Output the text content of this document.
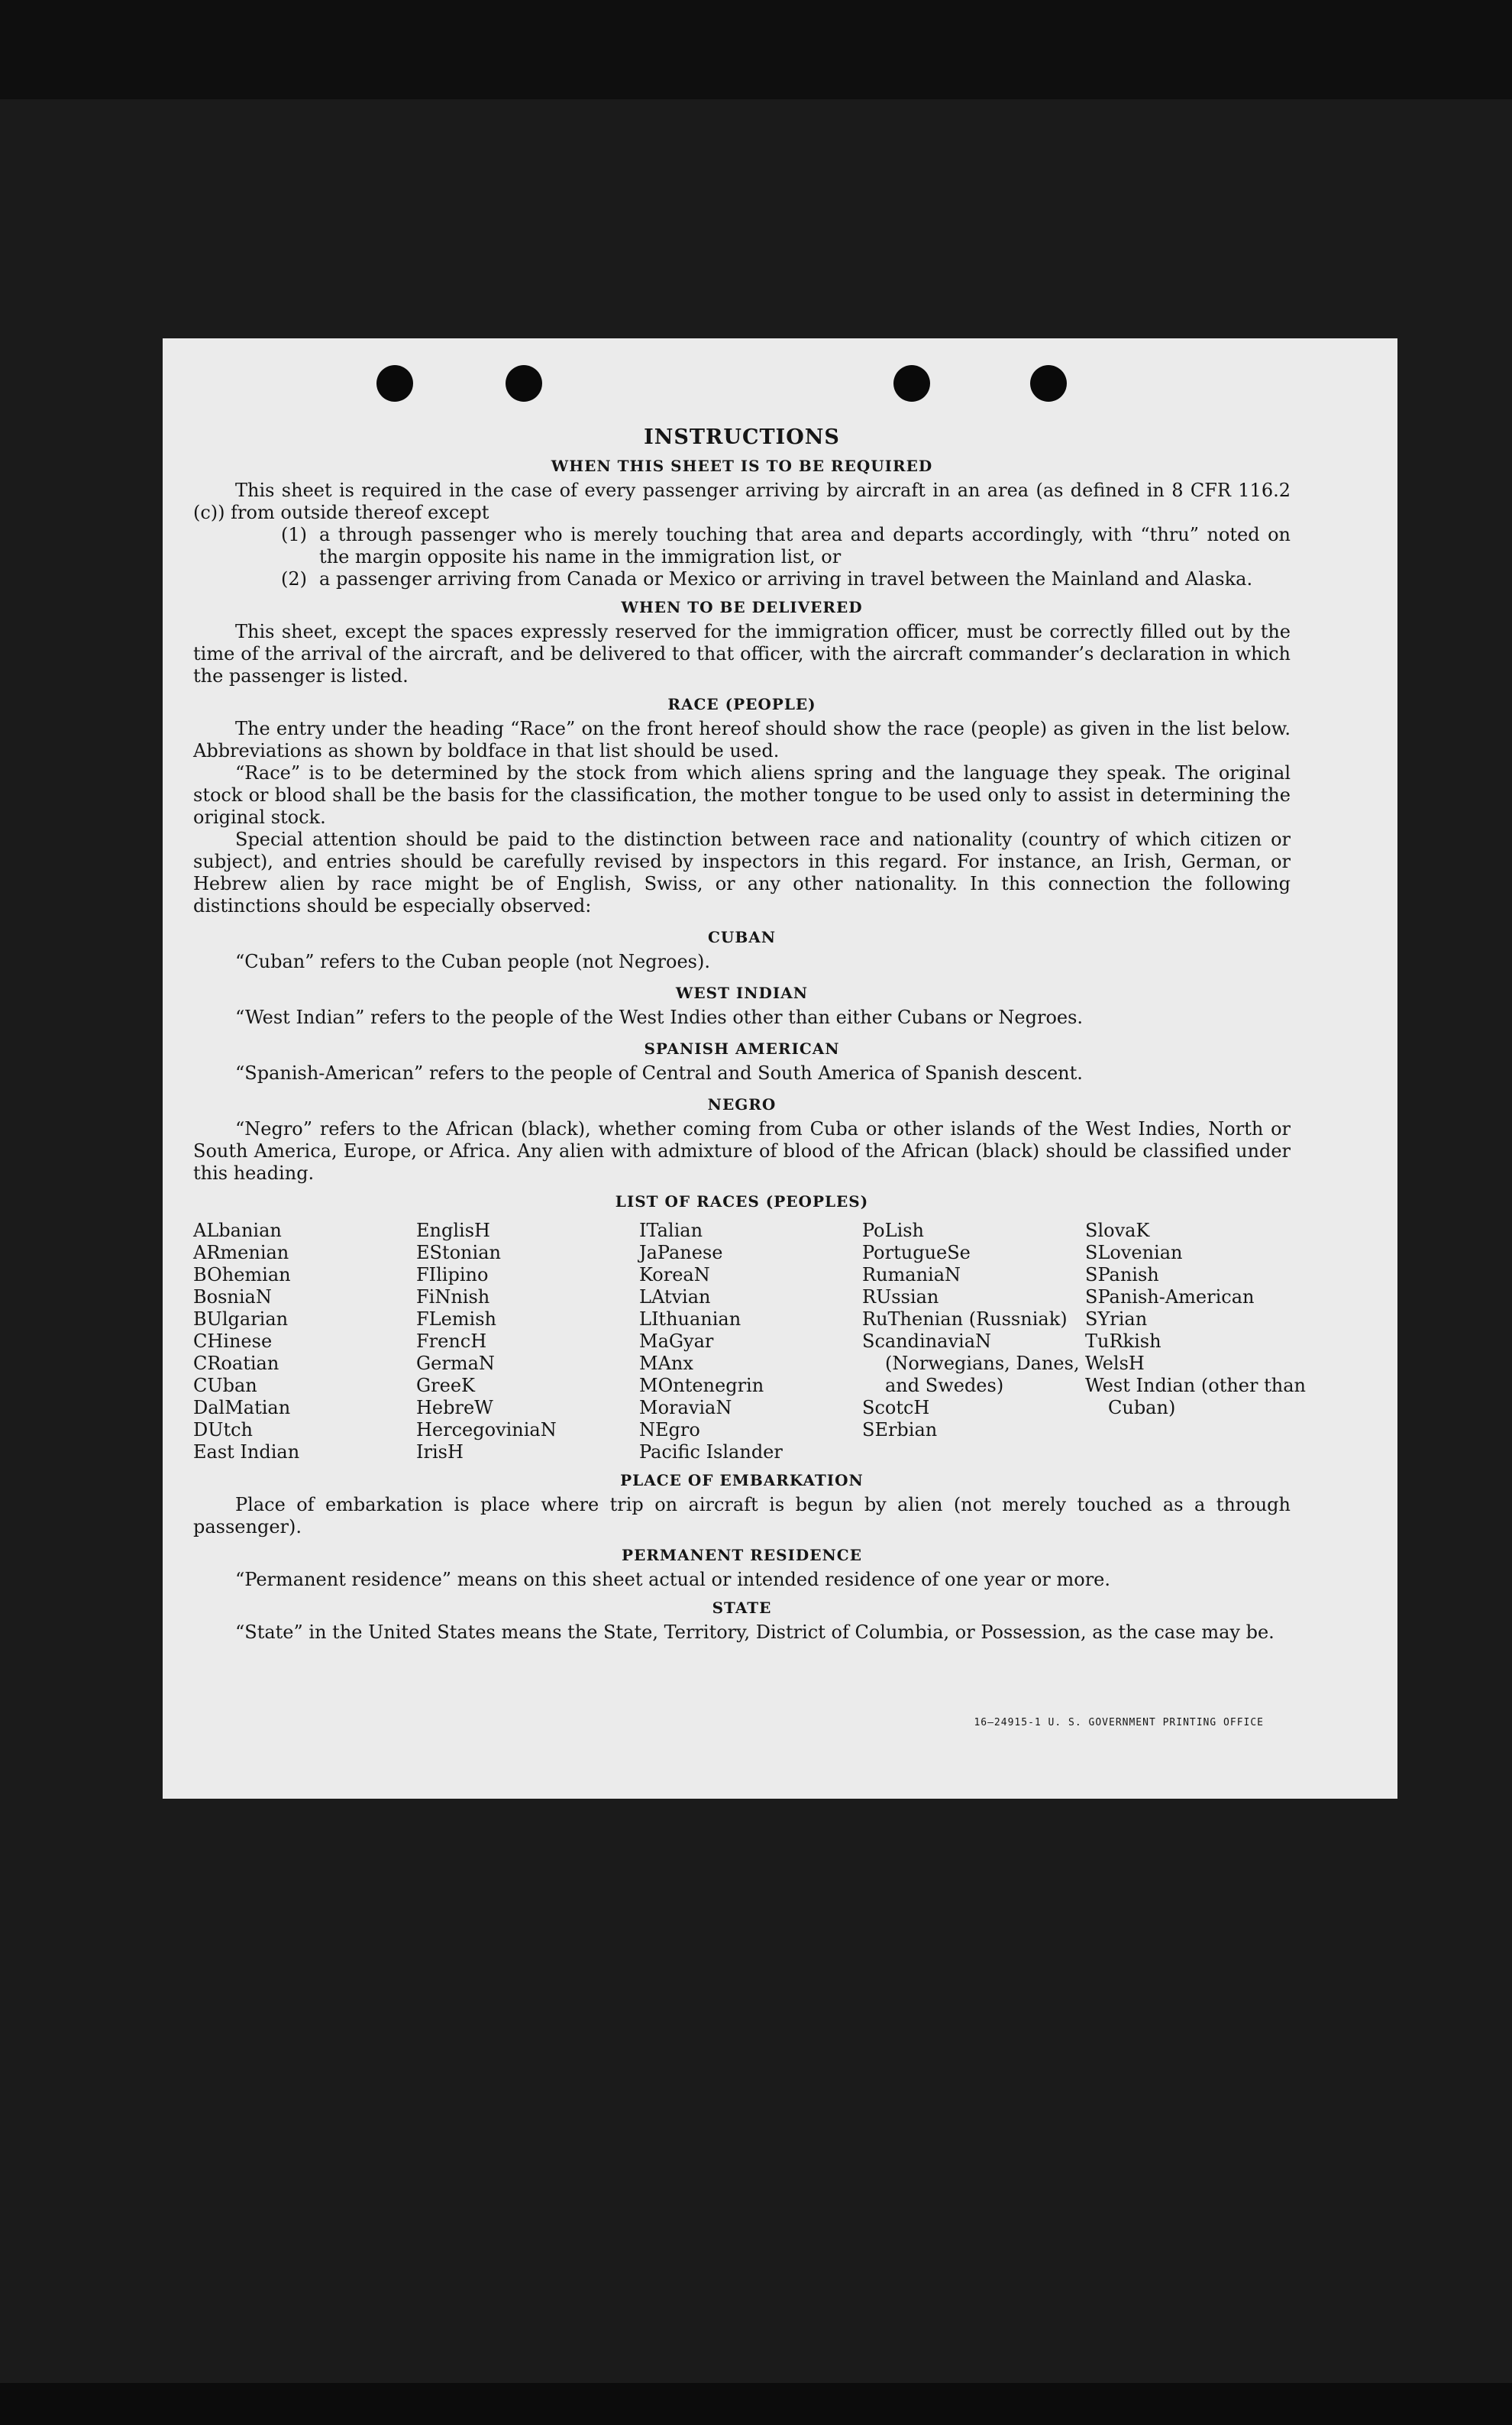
INSTRUCTIONS
WHEN THIS SHEET IS TO BE REQUIRED

This sheet is required in the case of every passenger arriving by aircraft in an area (as defined in 8 CFR 116.2 (c)) from outside thereof except

(1) a through passenger who is merely touching that area and departs accordingly, with “thru” noted on the margin opposite his name in the immigration list, or
(2) a passenger arriving from Canada or Mexico or arriving in travel between the Mainland and Alaska.
WHEN TO BE DELIVERED

This sheet, except the spaces expressly reserved for the immigration officer, must be correctly filled out by the time of the arrival of the aircraft, and be delivered to that officer, with the aircraft commander’s declaration in which the passenger is listed.

RACE (PEOPLE)

The entry under the heading “Race” on the front hereof should show the race (people) as given in the list below. Abbreviations as shown by boldface in that list should be used.

“Race” is to be determined by the stock from which aliens spring and the language they speak. The original stock or blood shall be the basis for the classification, the mother tongue to be used only to assist in determining the original stock.

Special attention should be paid to the distinction between race and nationality (country of which citizen or subject), and entries should be carefully revised by inspectors in this regard. For instance, an Irish, German, or Hebrew alien by race might be of English, Swiss, or any other nationality. In this connection the following distinctions should be especially observed:

CUBAN

“Cuban” refers to the Cuban people (not Negroes).

WEST INDIAN

“West Indian” refers to the people of the West Indies other than either Cubans or Negroes.

SPANISH AMERICAN

“Spanish-American” refers to the people of Central and South America of Spanish descent.

NEGRO

“Negro” refers to the African (black), whether coming from Cuba or other islands of the West Indies, North or South America, Europe, or Africa. Any alien with admixture of blood of the African (black) should be classified under this heading.

LIST OF RACES (PEOPLES)
ALbanian
ARmenian
BOhemian
BosniaN
BUlgarian
CHinese
CRoatian
CUban
DalMatian
DUtch
East Indian
EnglisH
EStonian
FIlipino
FiNnish
FLemish
FrencH
GermaN
GreeK
HebreW
HercegoviniaN
IrisH
ITalian
JaPanese
KoreaN
LAtvian
LIthuanian
MaGyar
MAnx
MOntenegrin
MoraviaN
NEgro
Pacific Islander
PoLish
PortugueSe
RumaniaN
RUssian
RuThenian (Russniak)
ScandinaviaN (Norwegians, Danes, and Swedes)
ScotcH
SErbian
SlovaK
SLovenian
SPanish
SPanish-American
SYrian
TuRkish
WelsH
West Indian (other than Cuban)
PLACE OF EMBARKATION

Place of embarkation is place where trip on aircraft is begun by alien (not merely touched as a through passenger).

PERMANENT RESIDENCE

“Permanent residence” means on this sheet actual or intended residence of one year or more.

STATE

“State” in the United States means the State, Territory, District of Columbia, or Possession, as the case may be.

16—24915-1 U. S. GOVERNMENT PRINTING OFFICE
